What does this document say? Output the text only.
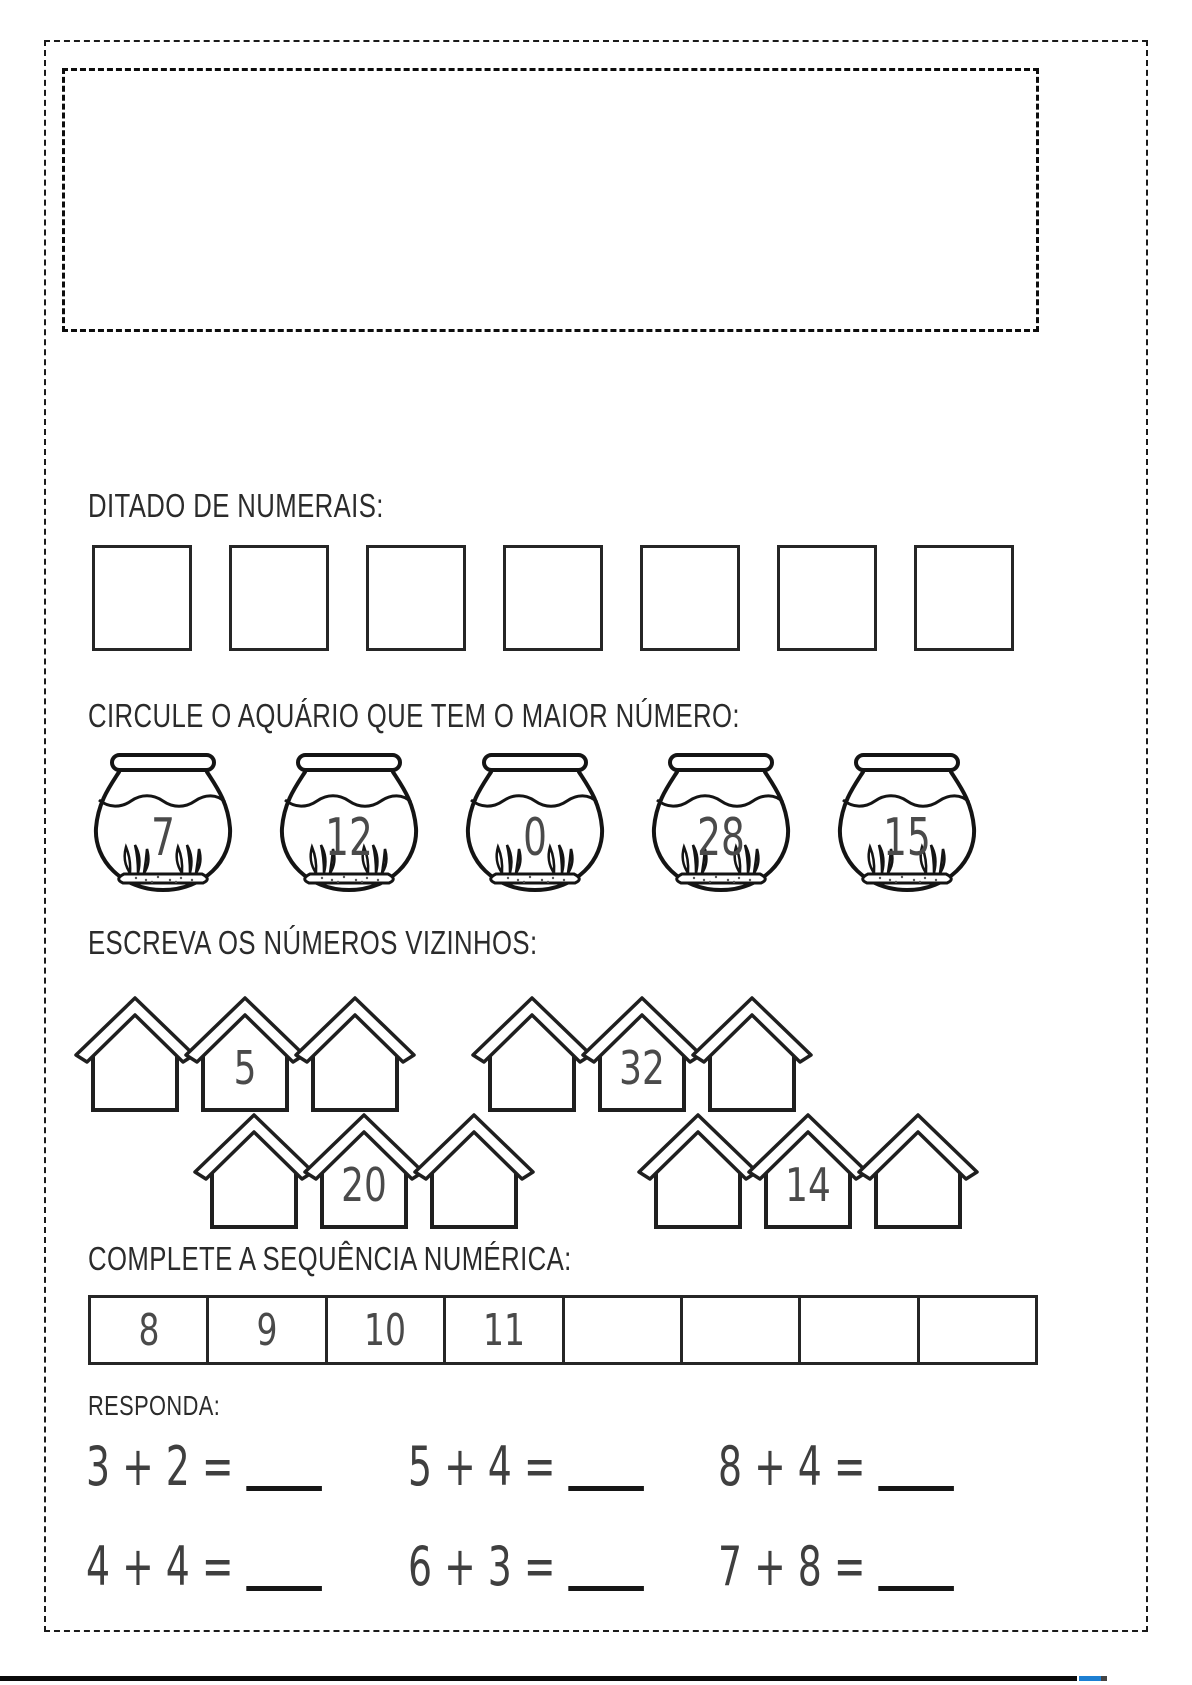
DITADO DE NUMERAIS:
CIRCULE O AQUÁRIO QUE TEM O MAIOR NÚMERO:
7	12	0	28	15
ESCREVA OS NÚMEROS VIZINHOS:
5	32
20	14
COMPLETE A SEQUÊNCIA NUMÉRICA:
8 9 10 11
RESPONDA:
3 + 2 =	5 + 4 =	8 + 4 =
4 + 4 =	6 + 3 =	7 + 8 =
